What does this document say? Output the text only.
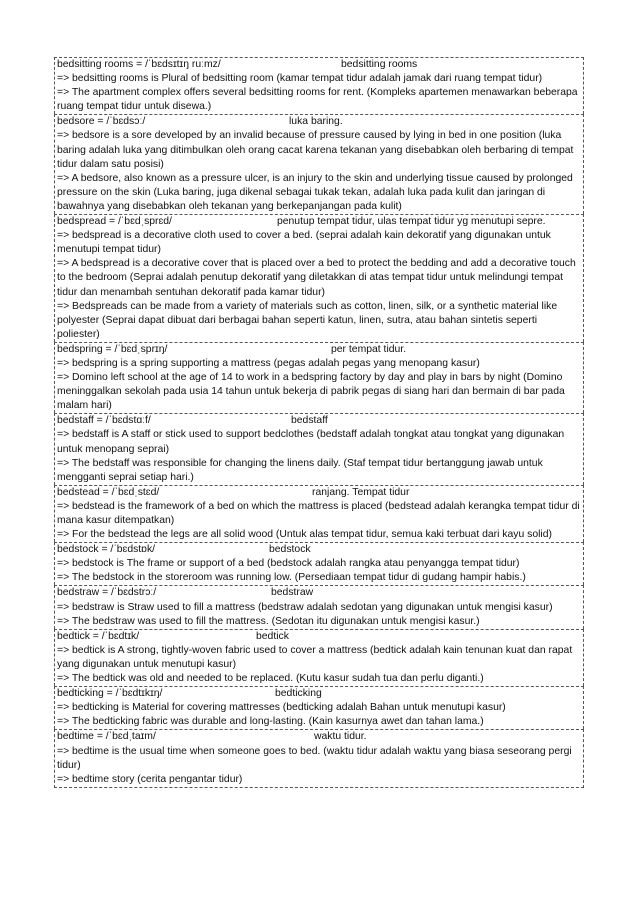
bedsitting rooms = /ˈbɛdsɪtɪŋ ruːmz/	bedsitting rooms
=> bedsitting rooms is Plural of bedsitting room (kamar tempat tidur adalah jamak dari ruang tempat tidur)
=> The apartment complex offers several bedsitting rooms for rent. (Kompleks apartemen menawarkan beberapa ruang tempat tidur untuk disewa.)
bedsore = /ˈbɛdsɔː/	luka baring.
=> bedsore is a sore developed by an invalid because of pressure caused by lying in bed in one position (luka baring adalah luka yang ditimbulkan oleh orang cacat karena tekanan yang disebabkan oleh berbaring di tempat tidur dalam satu posisi)
=> A bedsore, also known as a pressure ulcer, is an injury to the skin and underlying tissue caused by prolonged pressure on the skin (Luka baring, juga dikenal sebagai tukak tekan, adalah luka pada kulit dan jaringan di bawahnya yang disebabkan oleh tekanan yang berkepanjangan pada kulit)
bedspread = /ˈbɛdˌsprɛd/	penutup tempat tidur, ulas tempat tidur yg menutupi sepre.
=> bedspread is a decorative cloth used to cover a bed. (seprai adalah kain dekoratif yang digunakan untuk menutupi tempat tidur)
=> A bedspread is a decorative cover that is placed over a bed to protect the bedding and add a decorative touch to the bedroom (Seprai adalah penutup dekoratif yang diletakkan di atas tempat tidur untuk melindungi tempat tidur dan menambah sentuhan dekoratif pada kamar tidur)
=> Bedspreads can be made from a variety of materials such as cotton, linen, silk, or a synthetic material like polyester (Seprai dapat dibuat dari berbagai bahan seperti katun, linen, sutra, atau bahan sintetis seperti poliester)
bedspring = /ˈbɛdˌsprɪŋ/	per tempat tidur.
=> bedspring is a spring supporting a mattress (pegas adalah pegas yang menopang kasur)
=> Domino left school at the age of 14 to work in a bedspring factory by day and play in bars by night (Domino meninggalkan sekolah pada usia 14 tahun untuk bekerja di pabrik pegas di siang hari dan bermain di bar pada malam hari)
bedstaff = /ˈbɛdstɑːf/	bedstaff
=> bedstaff is A staff or stick used to support bedclothes (bedstaff adalah tongkat atau tongkat yang digunakan untuk menopang seprai)
=> The bedstaff was responsible for changing the linens daily. (Staf tempat tidur bertanggung jawab untuk mengganti seprai setiap hari.)
bedstead = /ˈbɛdˌstɛd/	ranjang. Tempat tidur
=> bedstead is the framework of a bed on which the mattress is placed (bedstead adalah kerangka tempat tidur di mana kasur ditempatkan)
=> For the bedstead the legs are all solid wood (Untuk alas tempat tidur, semua kaki terbuat dari kayu solid)
bedstock = /ˈbɛdstɒk/	bedstock
=> bedstock is The frame or support of a bed (bedstock adalah rangka atau penyangga tempat tidur)
=> The bedstock in the storeroom was running low. (Persediaan tempat tidur di gudang hampir habis.)
bedstraw = /ˈbɛdstrɔː/	bedstraw
=> bedstraw is Straw used to fill a mattress (bedstraw adalah sedotan yang digunakan untuk mengisi kasur)
=> The bedstraw was used to fill the mattress. (Sedotan itu digunakan untuk mengisi kasur.)
bedtick = /ˈbɛdtɪk/	bedtick
=> bedtick is A strong, tightly-woven fabric used to cover a mattress (bedtick adalah kain tenunan kuat dan rapat yang digunakan untuk menutupi kasur)
=> The bedtick was old and needed to be replaced. (Kutu kasur sudah tua dan perlu diganti.)
bedticking = /ˈbɛdtɪkɪŋ/	bedticking
=> bedticking is Material for covering mattresses (bedticking adalah Bahan untuk menutupi kasur)
=> The bedticking fabric was durable and long-lasting. (Kain kasurnya awet dan tahan lama.)
bedtime = /ˈbɛdˌtaɪm/	waktu tidur.
=> bedtime is the usual time when someone goes to bed. (waktu tidur adalah waktu yang biasa seseorang pergi tidur)
=> bedtime story (cerita pengantar tidur)
